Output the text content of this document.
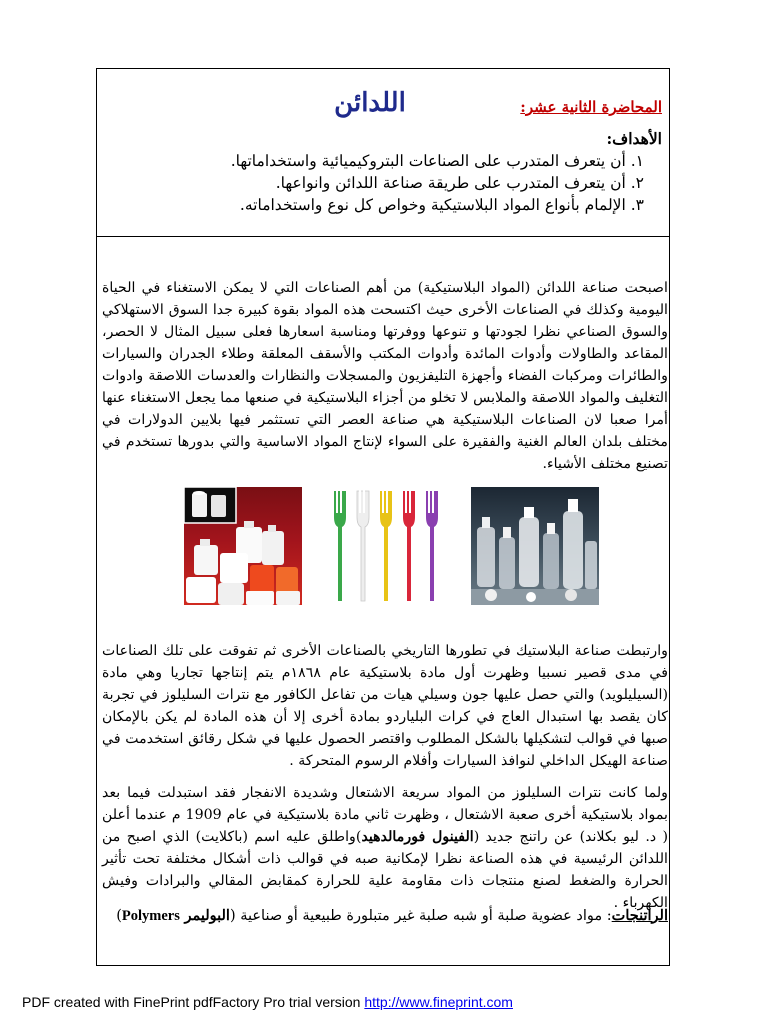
المحاضرة الثانية عشر:
اللدائن
الأهداف:
١. أن يتعرف المتدرب على الصناعات البتروكيميائية واستخداماتها.
٢. أن يتعرف المتدرب على طريقة صناعة اللدائن وانواعها.
٣. الإلمام بأنواع المواد البلاستيكية وخواص كل نوع واستخداماته.

اصبحت صناعة اللدائن (المواد البلاستيكية) من أهم الصناعات التي لا يمكن الاستغناء في الحياة اليومية وكذلك في الصناعات الأخرى حيث اكتسحت هذه المواد بقوة كبيرة جدا السوق الاستهلاكي والسوق الصناعي نظرا لجودتها و تنوعها ووفرتها ومناسبة اسعارها فعلى سبيل المثال لا الحصر، المقاعد والطاولات وأدوات المائدة وأدوات المكتب والأسقف المعلقة وطلاء الجدران والسيارات والطائرات ومركبات الفضاء وأجهزة التليفزيون والمسجلات والنظارات والعدسات اللاصقة وادوات التغليف والمواد اللاصقة والملابس لا تخلو من أجزاء البلاستيكية في صنعها مما يجعل الاستغناء عنها أمرا صعبا لان الصناعات البلاستيكية هي صناعة العصر التي تستثمر فيها بلايين الدولارات في مختلف بلدان العالم الغنية والفقيرة على السواء لإنتاج المواد الاساسية والتي بدورها تستخدم في تصنيع مختلف الأشياء.

وارتبطت صناعة البلاستيك في تطورها التاريخي بالصناعات الأخرى ثم تفوقت على تلك الصناعات في مدى قصير نسبيا وظهرت أول مادة بلاستيكية عام ١٨٦٨م يتم إنتاجها تجاريا وهي مادة (السيليلويد) والتي حصل عليها جون وسيلي هيات من تفاعل الكافور مع نترات السليلوز في تجربة كان يقصد بها استبدال العاج في كرات البلياردو بمادة أخرى إلا أن هذه المادة لم يكن بالإمكان صبها في قوالب لتشكيلها بالشكل المطلوب واقتصر الحصول عليها في شكل رقائق استخدمت في صناعة الهيكل الداخلي لنوافذ السيارات وأفلام الرسوم المتحركة .

ولما كانت نترات السليلوز من المواد سريعة الاشتعال وشديدة الانفجار فقد استبدلت فيما بعد بمواد بلاستيكية أخرى صعبة الاشتعال ، وظهرت ثاني مادة بلاستيكية في عام 1909 م عندما أعلن ( د. ليو بكلاند) عن راتنج جديد (الفينول فورمالدهيد)واطلق عليه اسم (باكلايت) الذي اصبح من اللدائن الرئيسية في هذه الصناعة نظرا لإمكانية صبه في قوالب ذات أشكال مختلفة تحت تأثير الحرارة والضغط لصنع منتجات ذات مقاومة علية للحرارة كمقابض المقالي والبرادات وفيش الكهرباء .

الراتنجات: مواد عضوية صلبة أو شبه صلبة غير متبلورة طبيعية أو صناعية (البوليمر Polymers)

PDF created with FinePrint pdfFactory Pro trial version http://www.fineprint.com
